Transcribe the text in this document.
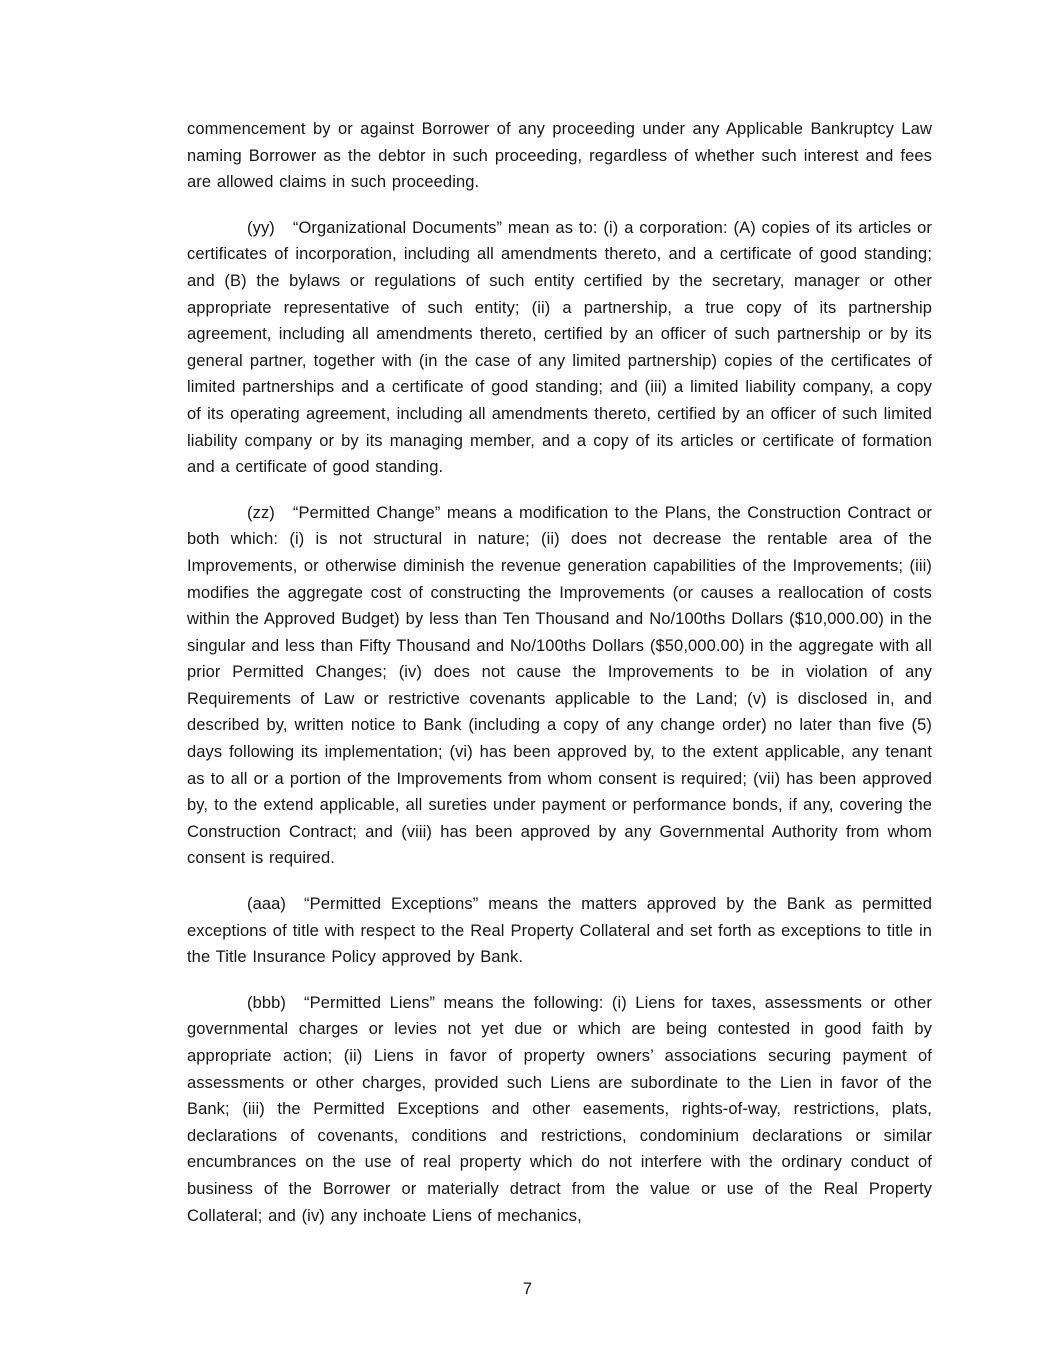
commencement by or against Borrower of any proceeding under any Applicable Bankruptcy Law naming Borrower as the debtor in such proceeding, regardless of whether such interest and fees are allowed claims in such proceeding.

(yy) “Organizational Documents” mean as to: (i) a corporation: (A) copies of its articles or certificates of incorporation, including all amendments thereto, and a certificate of good standing; and (B) the bylaws or regulations of such entity certified by the secretary, manager or other appropriate representative of such entity; (ii) a partnership, a true copy of its partnership agreement, including all amendments thereto, certified by an officer of such partnership or by its general partner, together with (in the case of any limited partnership) copies of the certificates of limited partnerships and a certificate of good standing; and (iii) a limited liability company, a copy of its operating agreement, including all amendments thereto, certified by an officer of such limited liability company or by its managing member, and a copy of its articles or certificate of formation and a certificate of good standing.

(zz) “Permitted Change” means a modification to the Plans, the Construction Contract or both which: (i) is not structural in nature; (ii) does not decrease the rentable area of the Improvements, or otherwise diminish the revenue generation capabilities of the Improvements; (iii) modifies the aggregate cost of constructing the Improvements (or causes a reallocation of costs within the Approved Budget) by less than Ten Thousand and No/100ths Dollars ($10,000.00) in the singular and less than Fifty Thousand and No/100ths Dollars ($50,000.00) in the aggregate with all prior Permitted Changes; (iv) does not cause the Improvements to be in violation of any Requirements of Law or restrictive covenants applicable to the Land; (v) is disclosed in, and described by, written notice to Bank (including a copy of any change order) no later than five (5) days following its implementation; (vi) has been approved by, to the extent applicable, any tenant as to all or a portion of the Improvements from whom consent is required; (vii) has been approved by, to the extend applicable, all sureties under payment or performance bonds, if any, covering the Construction Contract; and (viii) has been approved by any Governmental Authority from whom consent is required.

(aaa) “Permitted Exceptions” means the matters approved by the Bank as permitted exceptions of title with respect to the Real Property Collateral and set forth as exceptions to title in the Title Insurance Policy approved by Bank.

(bbb) “Permitted Liens” means the following: (i) Liens for taxes, assessments or other governmental charges or levies not yet due or which are being contested in good faith by appropriate action; (ii) Liens in favor of property owners’ associations securing payment of assessments or other charges, provided such Liens are subordinate to the Lien in favor of the Bank; (iii) the Permitted Exceptions and other easements, rights-of-way, restrictions, plats, declarations of covenants, conditions and restrictions, condominium declarations or similar encumbrances on the use of real property which do not interfere with the ordinary conduct of business of the Borrower or materially detract from the value or use of the Real Property Collateral; and (iv) any inchoate Liens of mechanics,

7
